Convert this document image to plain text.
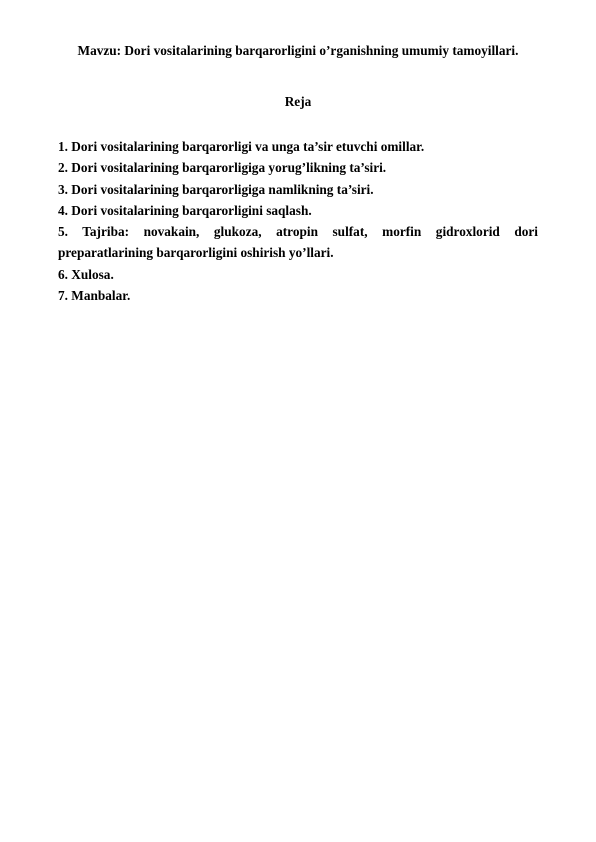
Mavzu: Dori vositalarining barqarorligini o’rganishning umumiy tamoyillari.
Reja
1. Dori vositalarining barqarorligi va unga ta’sir etuvchi omillar.
2. Dori vositalarining barqarorligiga yorug’likning ta’siri.
3. Dori vositalarining barqarorligiga namlikning ta’siri.
4. Dori vositalarining barqarorligini saqlash.
5. Tajriba: novakain, glukoza, atropin sulfat, morfin gidroxlorid dori preparatlarining barqarorligini oshirish yo’llari.
6. Xulosa.
7. Manbalar.
